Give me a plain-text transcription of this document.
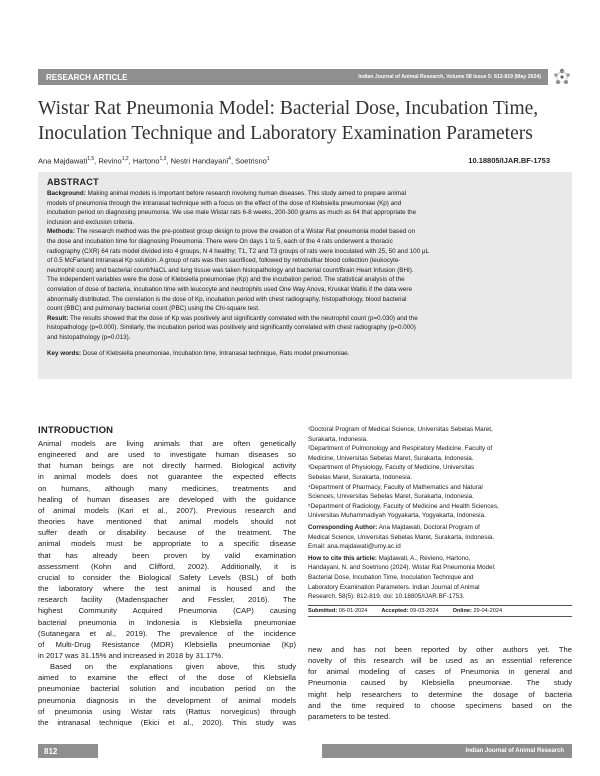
RESEARCH ARTICLE	Indian Journal of Animal Research, Volume 58 Issue 5: 812-819 (May 2024)
Wistar Rat Pneumonia Model: Bacterial Dose, Incubation Time,
Inoculation Technique and Laboratory Examination Parameters
Ana Majdawati$^{1,5}$, Revino$^{1,2}$, Hartono$^{1,3}$, Nestri Handayani$^4$, Soetrisno$^1$	10.18805/IJAR.BF-1753
ABSTRACT
Background: Making animal models is important before research involving human diseases. This study aimed to prepare animal
models of pneumonia through the intranasal technique with a focus on the effect of the dose of Klebsiella pneumoniae (Kp) and
incubation period on diagnosing pneumonia. We use male Wistar rats 6-8 weeks, 200-300 grams as much as 64 that appropriate the
inclusion and exclusion criteria.
Methods: The research method was the pre-posttest group design to prove the creation of a Wistar Rat pneumonia model based on
the dose and incubation time for diagnosing Pneumonia. There were On days 1 to 5, each of the 4 rats underwent a thoracic
radiography (CXR) 64 rats model divided into 4 groups, N 4 healthy; T1, T2 and T3 groups of rats were inoculated with 25, 50 and 100 μL
of 0.5 McFarland intranasal Kp solution. A group of rats was then sacrificed, followed by retrobulbar blood collection (leukocyte-
neutrophil count) and bacterial count/NaCL and lung tissue was taken histopathology and bacterial count/Brain Heart Infusion (BHI).
The independent variables were the dose of Klebsiella pneumoniae (Kp) and the incubation period. The statistical analysis of the
correlation of dose of bacteria, incubation time with leucocyte and neutrophils used One Way Anova, Kruskal Wallis if the data were
abnormally distributed. The correlation is the dose of Kp, incubation period with chest radiography, histopathology, blood bacterial
count (BBC) and pulmonary bacterial count (PBC) using the Chi-square test.
Result: The results showed that the dose of Kp was positively and significantly correlated with the neutrophil count (p=0.030) and the
histopathology (p=0.000). Similarly, the incubation period was positively and significantly correlated with chest radiography (p=0.000)
and histopathology (p=0.013).
Key words: Dose of Klebsiella pneumoniae, Incubation time, Intranasal technique, Rats model pneumoniae.
INTRODUCTION
Animal models are living animals that are often genetically
engineered and are used to investigate human diseases so
that human beings are not directly harmed. Biological activity
in animal models does not guarantee the expected effects
on humans, although many medicines, treatments and
healing of human diseases are developed with the guidance
of animal models (Kari et al., 2007). Previous research and
theories have mentioned that animal models should not
suffer death or disability because of the treatment. The
animal models must be appropriate to a specific disease
that has already been proven by valid examination
assessment (Kohn and Clifford, 2002). Additionally, it is
crucial to consider the Biological Safety Levels (BSL) of both
the laboratory where the test animal is housed and the
research facility (Madenspacher and Fessler, 2016). The
highest Community Acquired Pneumonia (CAP) causing
bacterial pneumonia in Indonesia is Klebsiella pneumoniae
(Sutanegara et al., 2019). The prevalence of the incidence
of Multi-Drug Resistance (MDR) Klebsiella pneumoniae (Kp)
in 2017 was 31.15% and increased in 2018 by 31.17%.
Based on the explanations given above, this study
aimed to examine the effect of the dose of Klebsiella
pneumoniae bacterial solution and incubation period on the
pneumonia diagnosis in the development of animal models
of pneumonia using Wistar rats (Rattus norvegicus) through
the intranasal technique (Ekici et al., 2020). This study was
¹Doctoral Program of Medical Science, Universitas Sebelas Maret,
Surakarta, Indonesia.
²Department of Pulmonology and Respiratory Medicine, Faculty of
Medicine, Universitas Sebelas Maret, Surakarta, Indonesia.
³Department of Physiology, Faculty of Medicine, Universitas
Sebelas Maret, Surakarta, Indonesia.
⁴Department of Pharmacy, Faculty of Mathematics and Natural
Sciences, Universitas Sebelas Maret, Surakarta, Indonesia.
⁵Department of Radiology, Faculty of Medicine and Health Sciences,
Universitas Muhammadiyah Yogyakarta, Yogyakarta, Indonesia.
Corresponding Author: Ana Majdawati, Doctoral Program of
Medical Science, Universitas Sebelas Maret, Surakarta, Indonesia.
Email: ana.majdawati@umy.ac.id
How to cite this article: Majdawati, A., Revieno, Hartono,
Handayani, N. and Soetrisno (2024). Wistar Rat Pneumonia Model:
Bacterial Dose, Incubation Time, Inoculation Technique and
Laboratory Examination Parameters. Indian Journal of Animal
Research. 58(5): 812-819. doi: 10.18805/IJAR.BF-1753.
Submitted: 06-01-2024	Accepted: 09-03-2024	Online: 29-04-2024
new and has not been reported by other authors yet. The
novelty of this research will be used as an essential reference
for animal modeling of cases of Pneumonia in general and
Pneumonia caused by Klebsiella pneumoniae. The study
might help researchers to determine the dosage of bacteria
and the time required to choose specimens based on the
parameters to be tested.
812	Indian Journal of Animal Research
